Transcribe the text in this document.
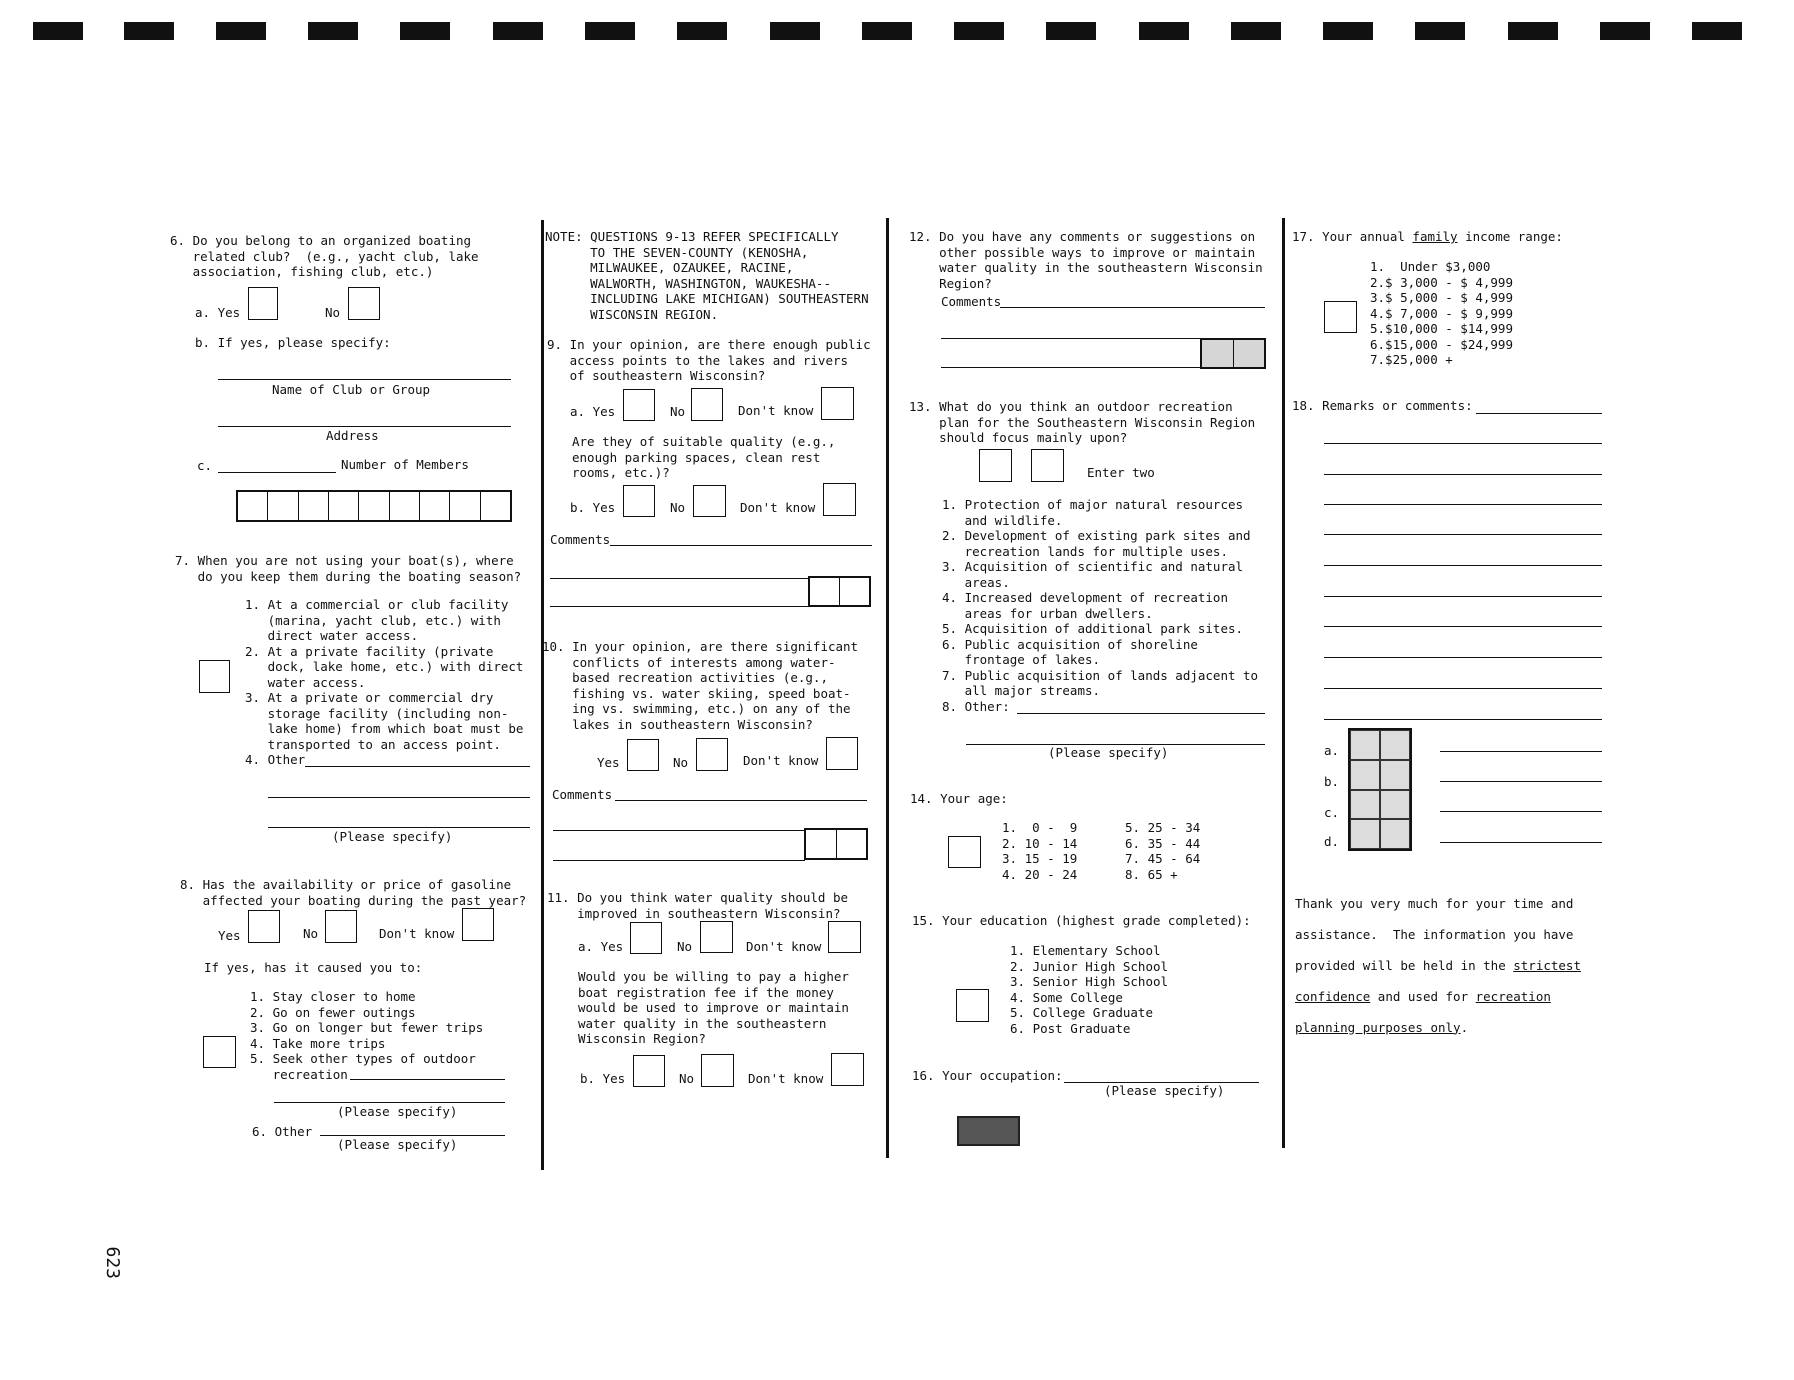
623
6. Do you belong to an organized boating
related club?  (e.g., yacht club, lake
association, fishing club, etc.)
a. Yes	No
b. If yes, please specify:
Name of Club or Group
Address
c.	Number of Members
7. When you are not using your boat(s), where
do you keep them during the boating season?
1. At a commercial or club facility
(marina, yacht club, etc.) with
direct water access.
2. At a private facility (private
dock, lake home, etc.) with direct
water access.
3. At a private or commercial dry
storage facility (including non-
lake home) from which boat must be
transported to an access point.
4. Other
(Please specify)
8. Has the availability or price of gasoline
affected your boating during the past year?
Yes	No	Don't know
If yes, has it caused you to:
1. Stay closer to home
2. Go on fewer outings
3. Go on longer but fewer trips
4. Take more trips
5. Seek other types of outdoor
recreation
(Please specify)
6. Other
(Please specify)
NOTE: QUESTIONS 9-13 REFER SPECIFICALLY
TO THE SEVEN-COUNTY (KENOSHA,
MILWAUKEE, OZAUKEE, RACINE,
WALWORTH, WASHINGTON, WAUKESHA--
INCLUDING LAKE MICHIGAN) SOUTHEASTERN
WISCONSIN REGION.
9. In your opinion, are there enough public
access points to the lakes and rivers
of southeastern Wisconsin?
a. Yes	No	Don't know
Are they of suitable quality (e.g.,
enough parking spaces, clean rest
rooms, etc.)?
b. Yes	No	Don't know
Comments
10. In your opinion, are there significant
conflicts of interests among water-
based recreation activities (e.g.,
fishing vs. water skiing, speed boat-
ing vs. swimming, etc.) on any of the
lakes in southeastern Wisconsin?
Yes	No	Don't know
Comments
11. Do you think water quality should be
improved in southeastern Wisconsin?
a. Yes	No	Don't know
Would you be willing to pay a higher
boat registration fee if the money
would be used to improve or maintain
water quality in the southeastern
Wisconsin Region?
b. Yes	No	Don't know
12. Do you have any comments or suggestions on
other possible ways to improve or maintain
water quality in the southeastern Wisconsin
Region?
Comments
13. What do you think an outdoor recreation
plan for the Southeastern Wisconsin Region
should focus mainly upon?
Enter two
1. Protection of major natural resources
and wildlife.
2. Development of existing park sites and
recreation lands for multiple uses.
3. Acquisition of scientific and natural
areas.
4. Increased development of recreation
areas for urban dwellers.
5. Acquisition of additional park sites.
6. Public acquisition of shoreline
frontage of lakes.
7. Public acquisition of lands adjacent to
all major streams.
8. Other:
(Please specify)
14. Your age:
1.  0 -  9
2. 10 - 14
3. 15 - 19
4. 20 - 24
5. 25 - 34
6. 35 - 44
7. 45 - 64
8. 65 +
15. Your education (highest grade completed):
1. Elementary School
2. Junior High School
3. Senior High School
4. Some College
5. College Graduate
6. Post Graduate
16. Your occupation:
(Please specify)
17. Your annual family income range:
1.  Under $3,000
2.$ 3,000 - $ 4,999
3.$ 5,000 - $ 4,999
4.$ 7,000 - $ 9,999
5.$10,000 - $14,999
6.$15,000 - $24,999
7.$25,000 +
18. Remarks or comments:
a.
b.
c.
d.

Thank you very much for your time and

assistance.  The information you have

provided will be held in the strictest

confidence and used for recreation

planning purposes only.
